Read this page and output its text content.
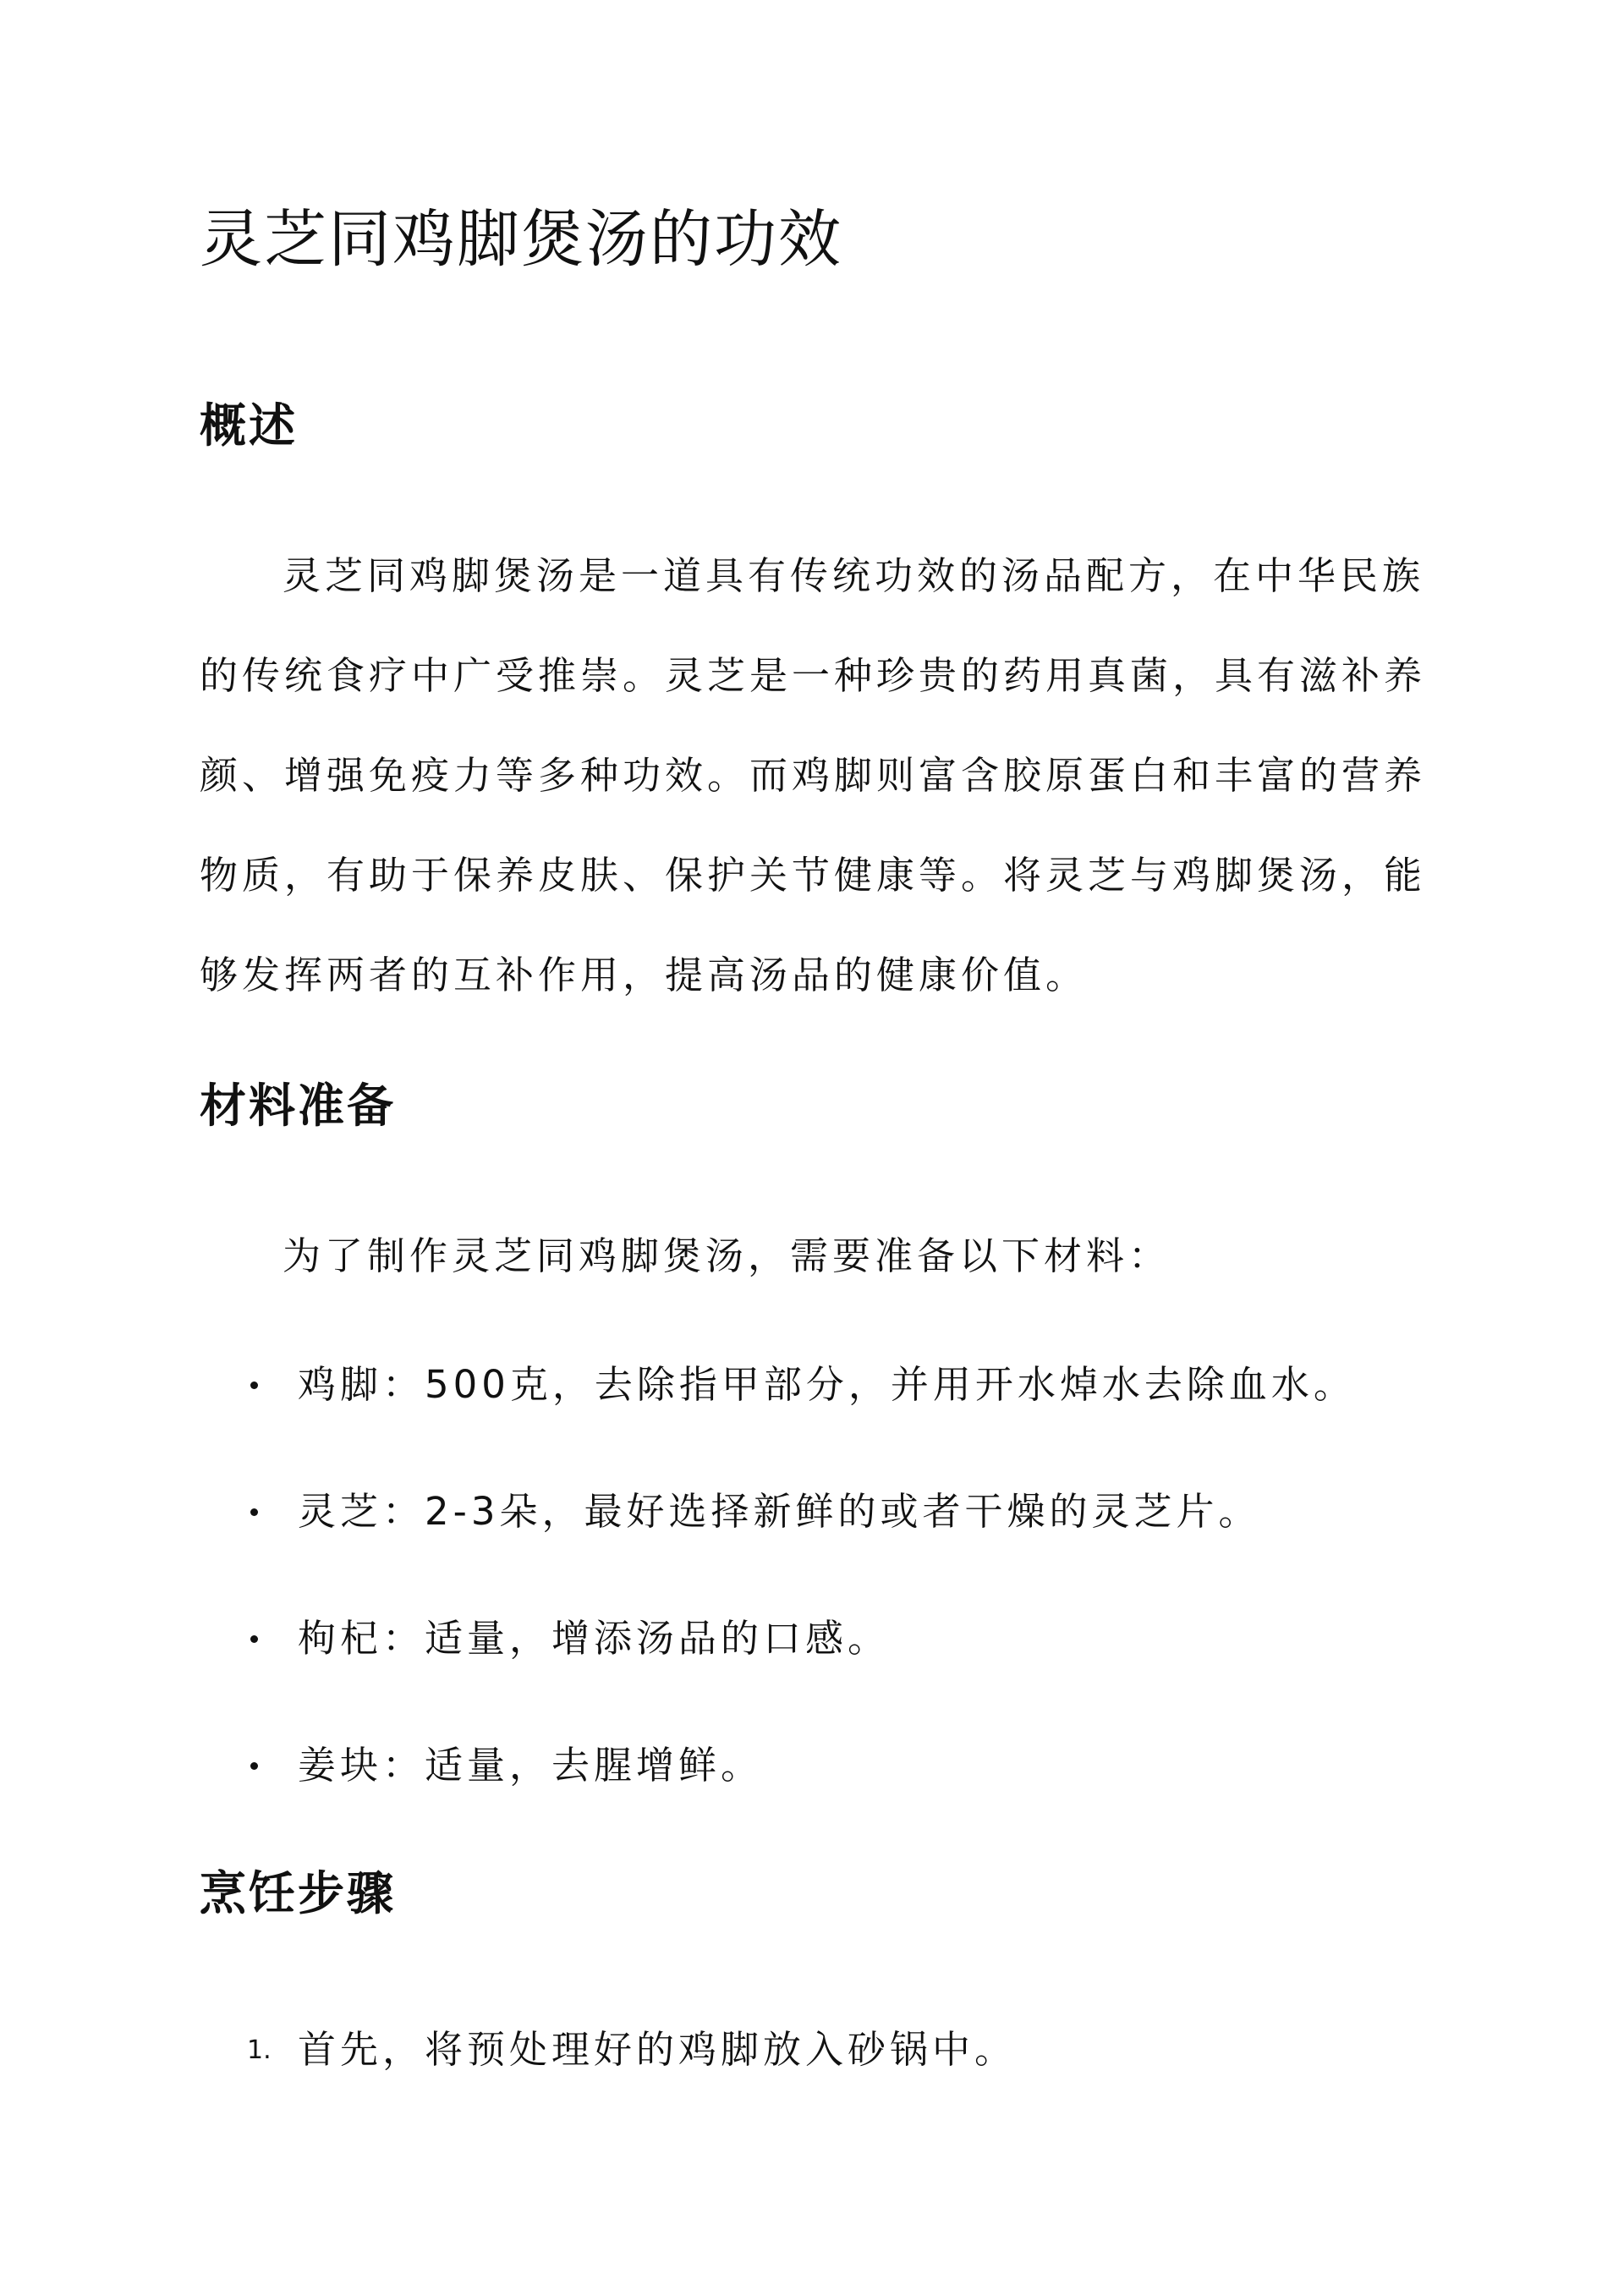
灵芝同鸡脚煲汤的功效
概述
灵芝同鸡脚煲汤是一道具有传统功效的汤品配方，在中华民族
的传统食疗中广受推崇。灵芝是一种珍贵的药用真菌，具有滋补养
颜、增强免疫力等多种功效。而鸡脚则富含胶原蛋白和丰富的营养
物质，有助于保养皮肤、保护关节健康等。将灵芝与鸡脚煲汤，能
够发挥两者的互补作用，提高汤品的健康价值。
材料准备

为了制作灵芝同鸡脚煲汤，需要准备以下材料：

鸡脚：500克，去除指甲部分，并用开水焯水去除血水。
灵芝：2-3朵，最好选择新鲜的或者干燥的灵芝片。
枸杞：适量，增添汤品的口感。
姜块：适量，去腥增鲜。
烹饪步骤
1. 首先，将预处理好的鸡脚放入砂锅中。
